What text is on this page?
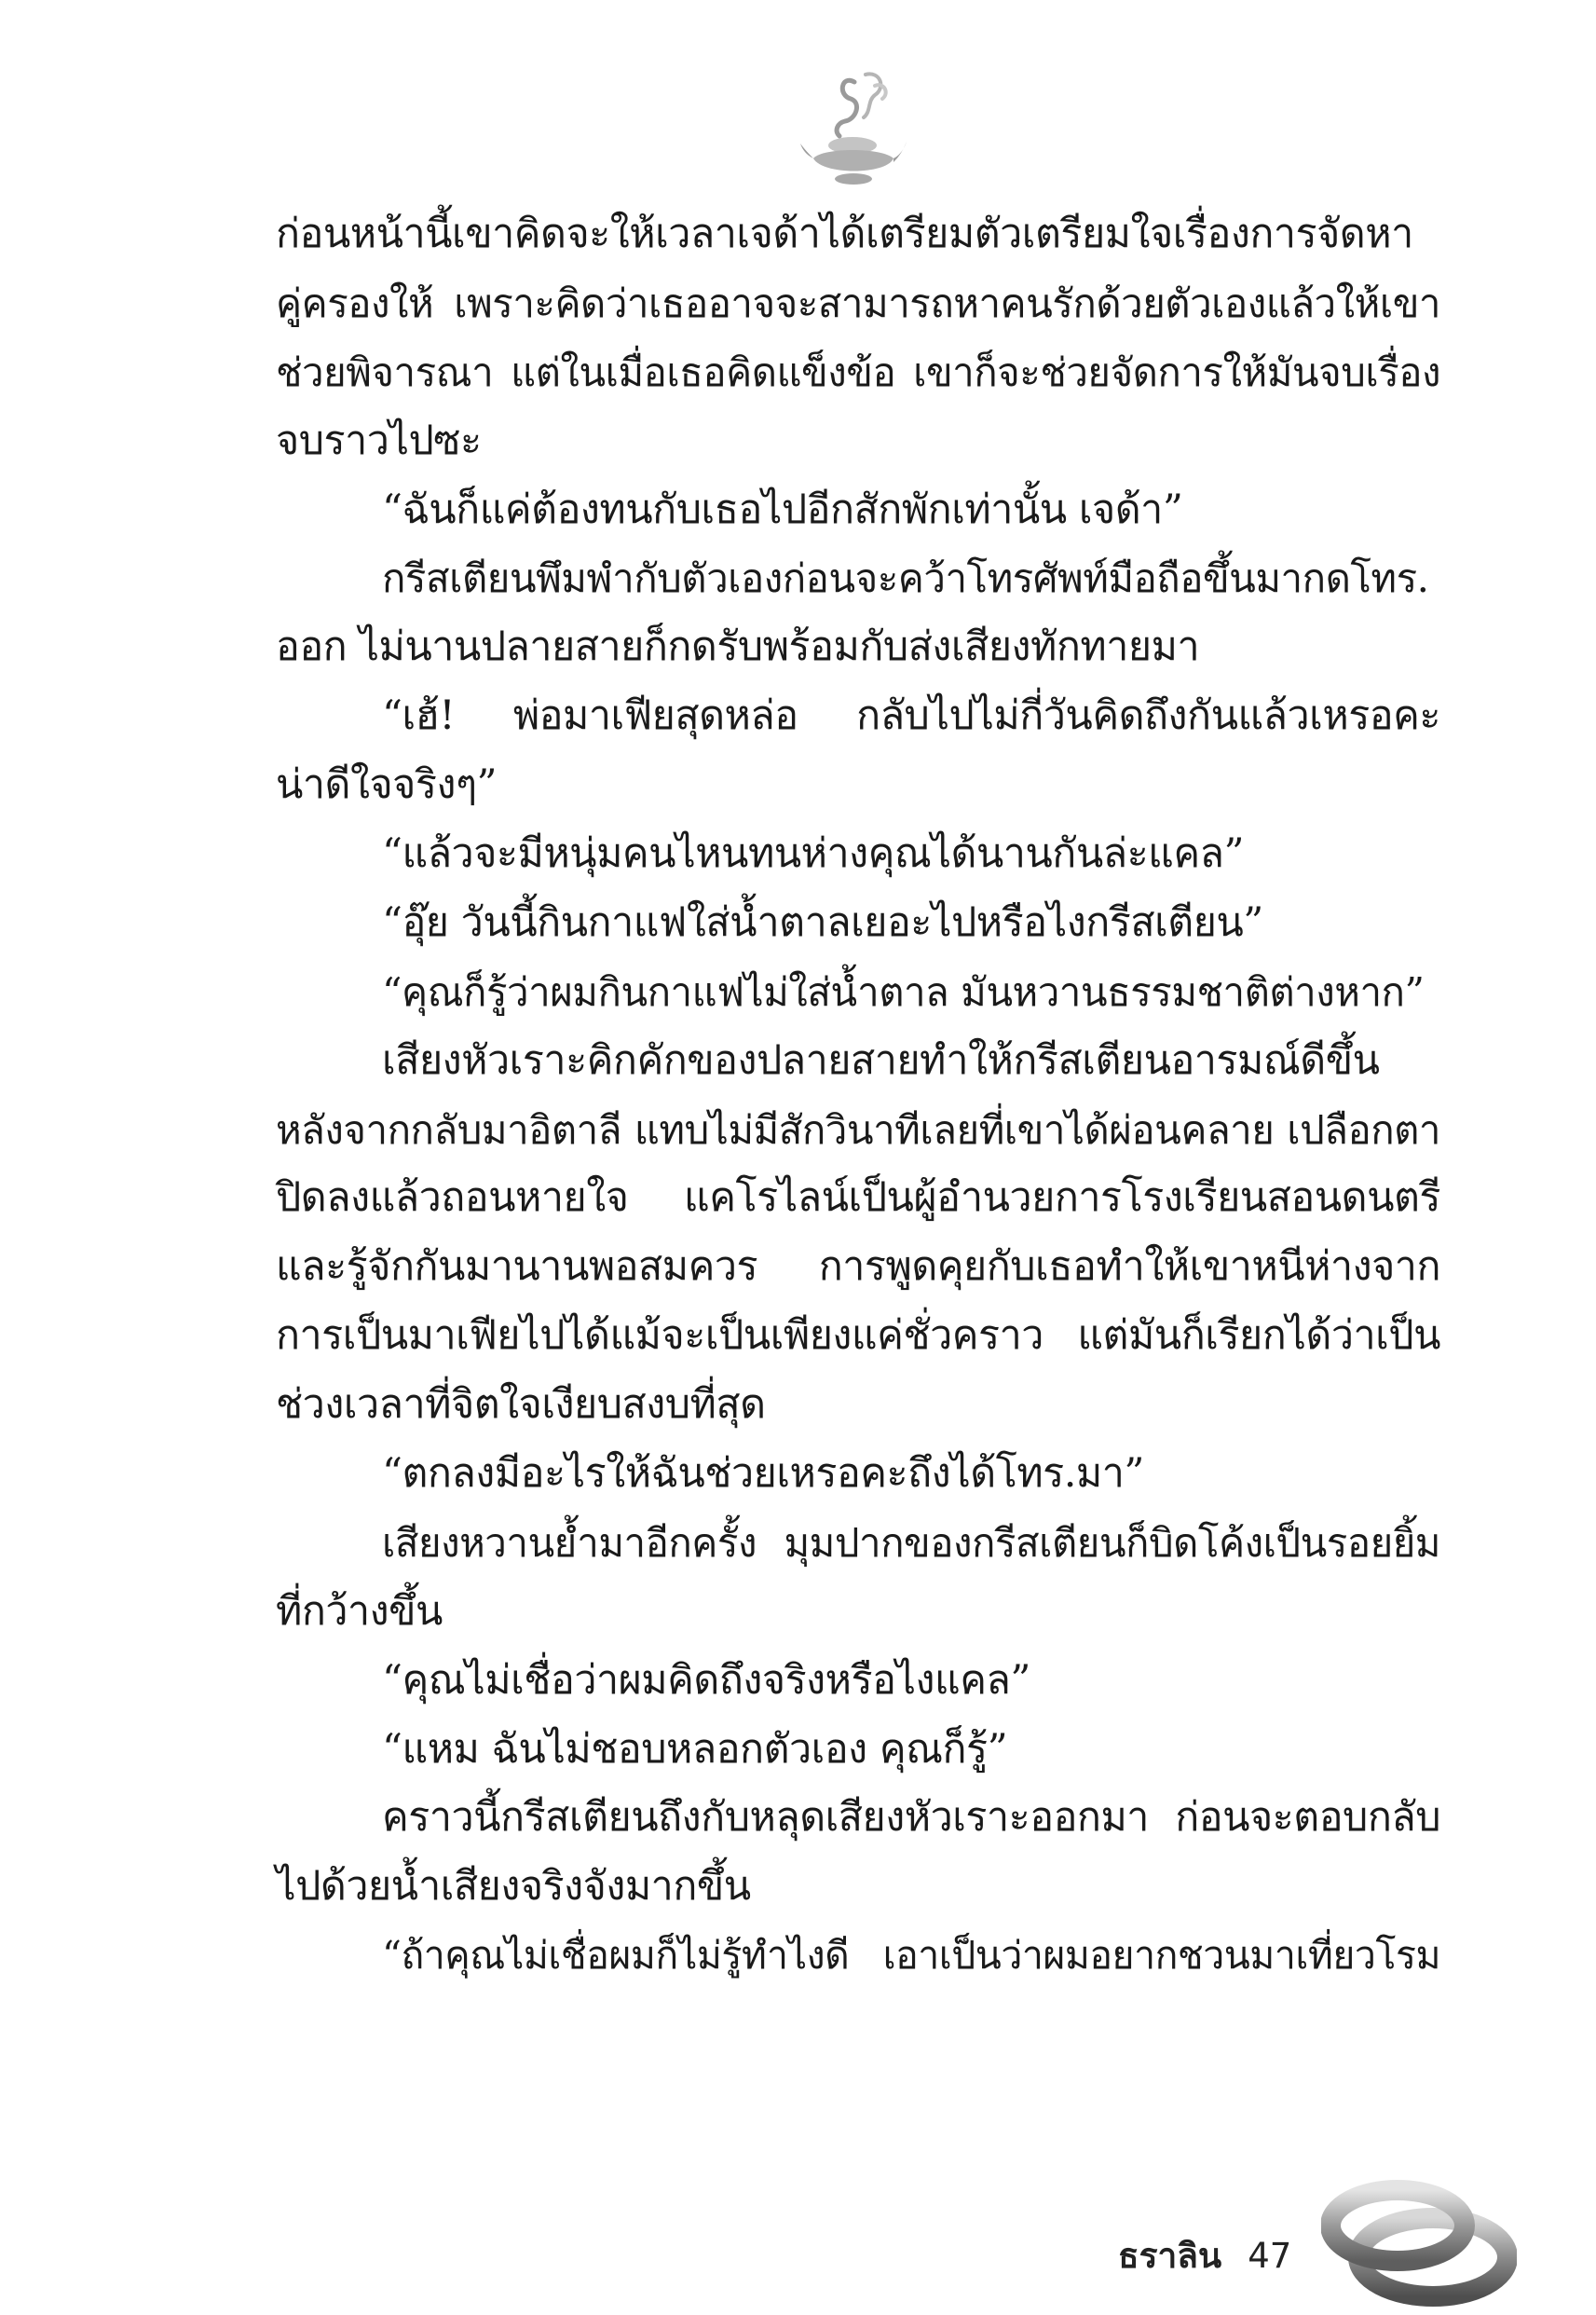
ก่อนหน้านี้เขาคิดจะให้เวลาเจด้าได้เตรียมตัวเตรียมใจเรื่องการจัดหา
คู่ครองให้ เพราะคิดว่าเธออาจจะสามารถหาคนรักด้วยตัวเองแล้วให้เขา
ช่วยพิจารณา แต่ในเมื่อเธอคิดแข็งข้อ เขาก็จะช่วยจัดการให้มันจบเรื่อง
จบราวไปซะ
“ฉันก็แค่ต้องทนกับเธอไปอีกสักพักเท่านั้น เจด้า”
กรีสเตียนพึมพำกับตัวเองก่อนจะคว้าโทรศัพท์มือถือขึ้นมากดโทร.
ออก ไม่นานปลายสายก็กดรับพร้อมกับส่งเสียงทักทายมา
“เฮ้! พ่อมาเฟียสุดหล่อ กลับไปไม่กี่วันคิดถึงกันแล้วเหรอคะ
น่าดีใจจริงๆ”
“แล้วจะมีหนุ่มคนไหนทนห่างคุณได้นานกันล่ะแคล”
“อุ๊ย วันนี้กินกาแฟใส่น้ำตาลเยอะไปหรือไงกรีสเตียน”
“คุณก็รู้ว่าผมกินกาแฟไม่ใส่น้ำตาล มันหวานธรรมชาติต่างหาก”
เสียงหัวเราะคิกคักของปลายสายทำให้กรีสเตียนอารมณ์ดีขึ้น
หลังจากกลับมาอิตาลี แทบไม่มีสักวินาทีเลยที่เขาได้ผ่อนคลาย เปลือกตา
ปิดลงแล้วถอนหายใจ แคโรไลน์เป็นผู้อำนวยการโรงเรียนสอนดนตรี
และรู้จักกันมานานพอสมควร การพูดคุยกับเธอทำให้เขาหนีห่างจาก
การเป็นมาเฟียไปได้แม้จะเป็นเพียงแค่ชั่วคราว แต่มันก็เรียกได้ว่าเป็น
ช่วงเวลาที่จิตใจเงียบสงบที่สุด
“ตกลงมีอะไรให้ฉันช่วยเหรอคะถึงได้โทร.มา”
เสียงหวานย้ำมาอีกครั้ง มุมปากของกรีสเตียนก็บิดโค้งเป็นรอยยิ้ม
ที่กว้างขึ้น
“คุณไม่เชื่อว่าผมคิดถึงจริงหรือไงแคล”
“แหม ฉันไม่ชอบหลอกตัวเอง คุณก็รู้”
คราวนี้กรีสเตียนถึงกับหลุดเสียงหัวเราะออกมา ก่อนจะตอบกลับ
ไปด้วยน้ำเสียงจริงจังมากขึ้น
“ถ้าคุณไม่เชื่อผมก็ไม่รู้ทำไงดี เอาเป็นว่าผมอยากชวนมาเที่ยวโรม
ธราลิน 47
